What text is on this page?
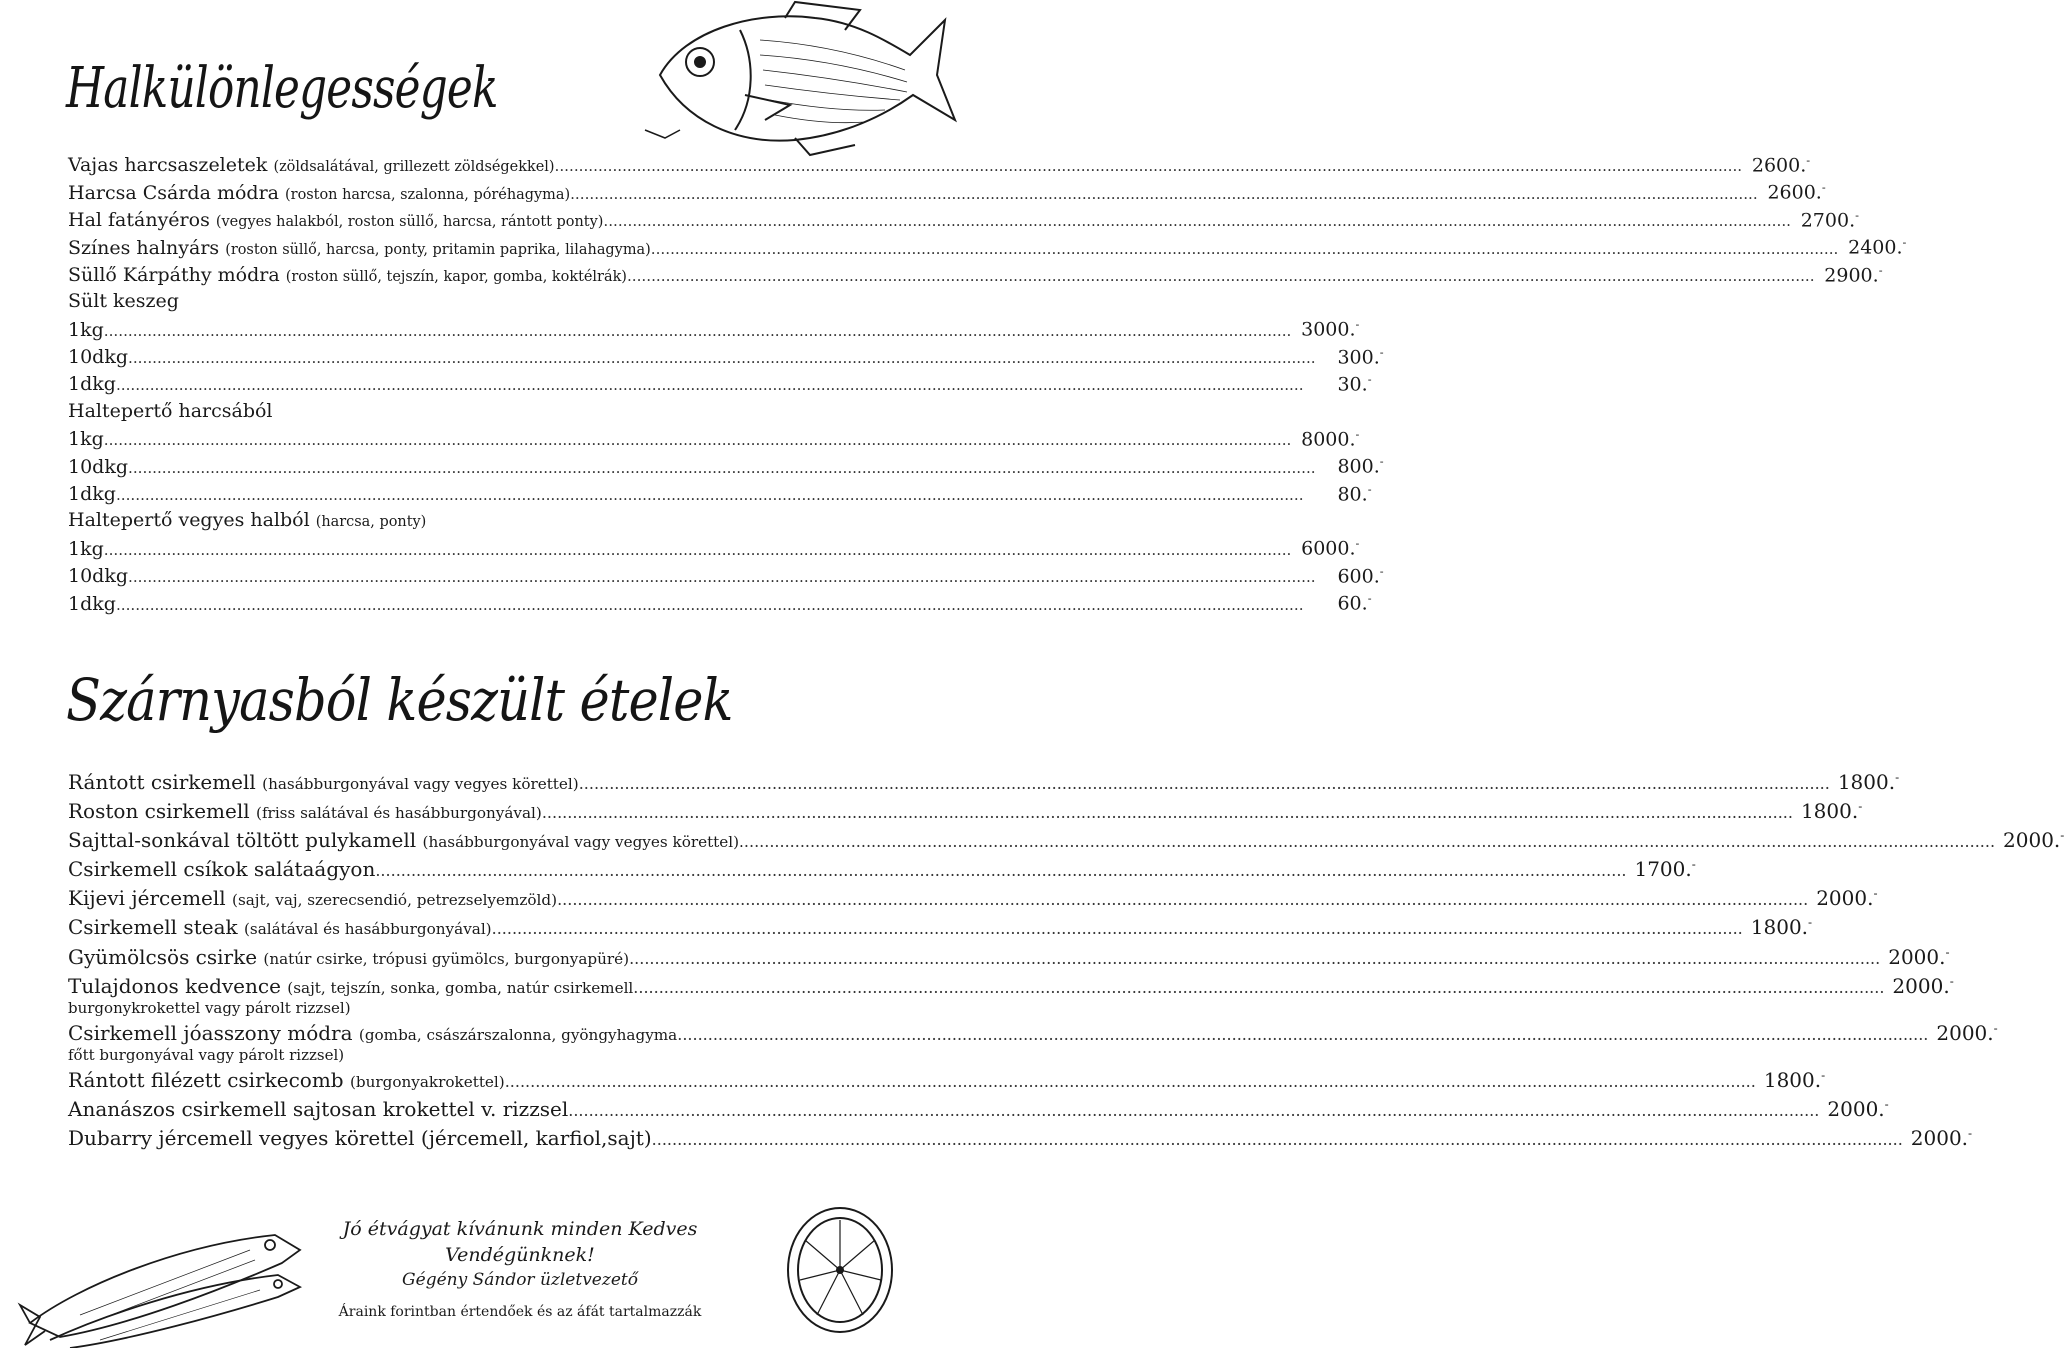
Halkülönlegességek
Vajas harcsaszeletek (zöldsalátával, grillezett zöldségekkel) .....	2600.-
Harcsa Csárda módra (roston harcsa, szalonna, póréhagyma) .....	2600.-
Hal fatányéros (vegyes halakból, roston süllő, harcsa, rántott ponty) .....	2700.-
Színes halnyárs (roston süllő, harcsa, ponty, pritamin paprika, lilahagyma) .....	2400.-
Süllő Kárpáthy módra (roston süllő, tejszín, kapor, gomba, koktélrák) .....	2900.-
Sült keszeg
1kg .....	3000.-
10dkg .....	300.-
1dkg .....	30.-
Haltepertő harcsából
1kg .....	8000.-
10dkg .....	800.-
1dkg .....	80.-
Haltepertő vegyes halból (harcsa, ponty)
1kg .....	6000.-
10dkg .....	600.-
1dkg .....	60.-
Szárnyasból készült ételek
Rántott csirkemell (hasábburgonyával vagy vegyes körettel) .....	1800.-
Roston csirkemell (friss salátával és hasábburgonyával) .....	1800.-
Sajttal-sonkával töltött pulykamell (hasábburgonyával vagy vegyes körettel). .....	2000.-
Csirkemell csíkok salátaágyon .....	1700.-
Kijevi jércemell (sajt, vaj, szerecsendió, petrezselyemzöld) .....	2000.-
Csirkemell steak (salátával és hasábburgonyával) .....	1800.-
Gyümölcsös csirke (natúr csirke, trópusi gyümölcs, burgonyapüré) .....	2000.-
Tulajdonos kedvence (sajt, tejszín, sonka, gomba, natúr csirkemell .....	2000.-
burgonykrokettel vagy párolt rizzsel)
Csirkemell jóasszony módra (gomba, császárszalonna, gyöngyhagyma .....	2000.-
főtt burgonyával vagy párolt rizzsel)
Rántott filézett csirkecomb (burgonyakrokettel) .....	1800.-
Ananászos csirkemell sajtosan krokettel v. rizzsel .....	2000.-
Dubarry jércemell vegyes körettel (jércemell, karfiol,sajt) .....	2000.-
Jó étvágyat kívánunk minden Kedves Vendégünknek!
Gégény Sándor üzletvezető
Áraink forintban értendőek és az áfát tartalmazzák
